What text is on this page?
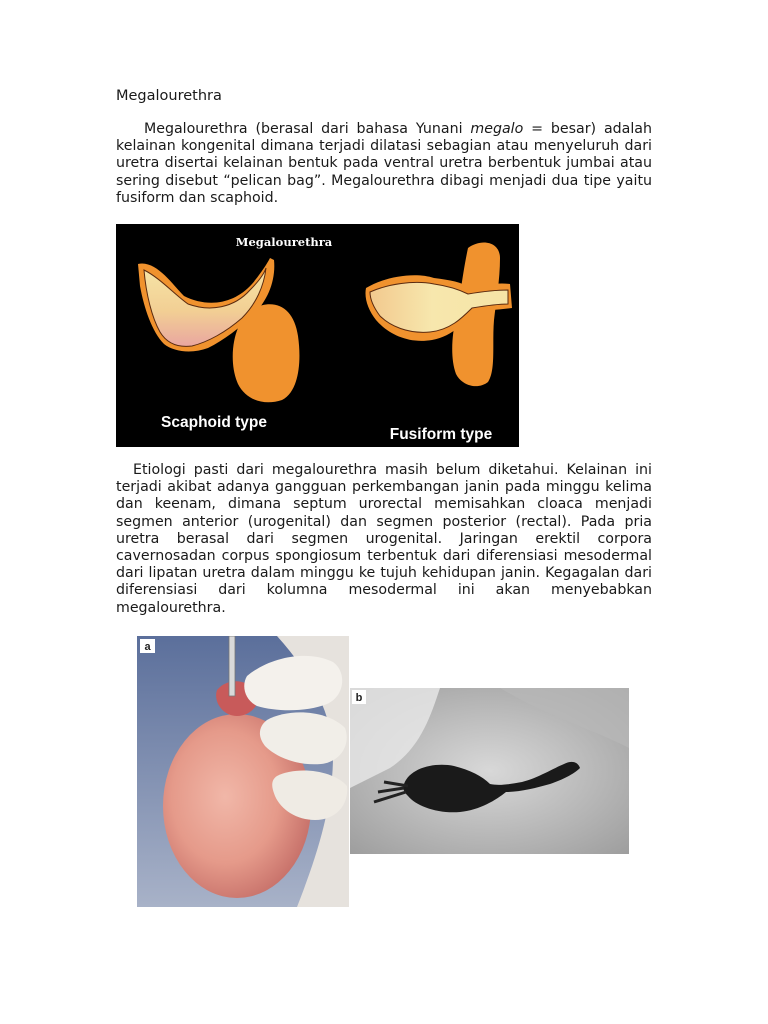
Megalourethra

Megalourethra (berasal dari bahasa Yunani megalo = besar) adalah kelainan kongenital dimana terjadi dilatasi sebagian atau menyeluruh dari uretra disertai kelainan bentuk pada ventral uretra berbentuk jumbai atau sering disebut “pelican bag”. Megalourethra dibagi menjadi dua tipe yaitu fusiform dan scaphoid.

Megalourethra
Scaphoid type
Fusiform type

Etiologi pasti dari megalourethra masih belum diketahui. Kelainan ini terjadi akibat adanya gangguan perkembangan janin pada minggu kelima dan keenam, dimana septum urorectal memisahkan cloaca menjadi segmen anterior (urogenital) dan segmen posterior (rectal). Pada pria uretra berasal dari segmen urogenital. Jaringan erektil corpora cavernosadan corpus spongiosum terbentuk dari diferensiasi mesodermal dari lipatan uretra dalam minggu ke tujuh kehidupan janin. Kegagalan dari diferensiasi dari kolumna mesodermal ini akan menyebabkan megalourethra.

a
b
